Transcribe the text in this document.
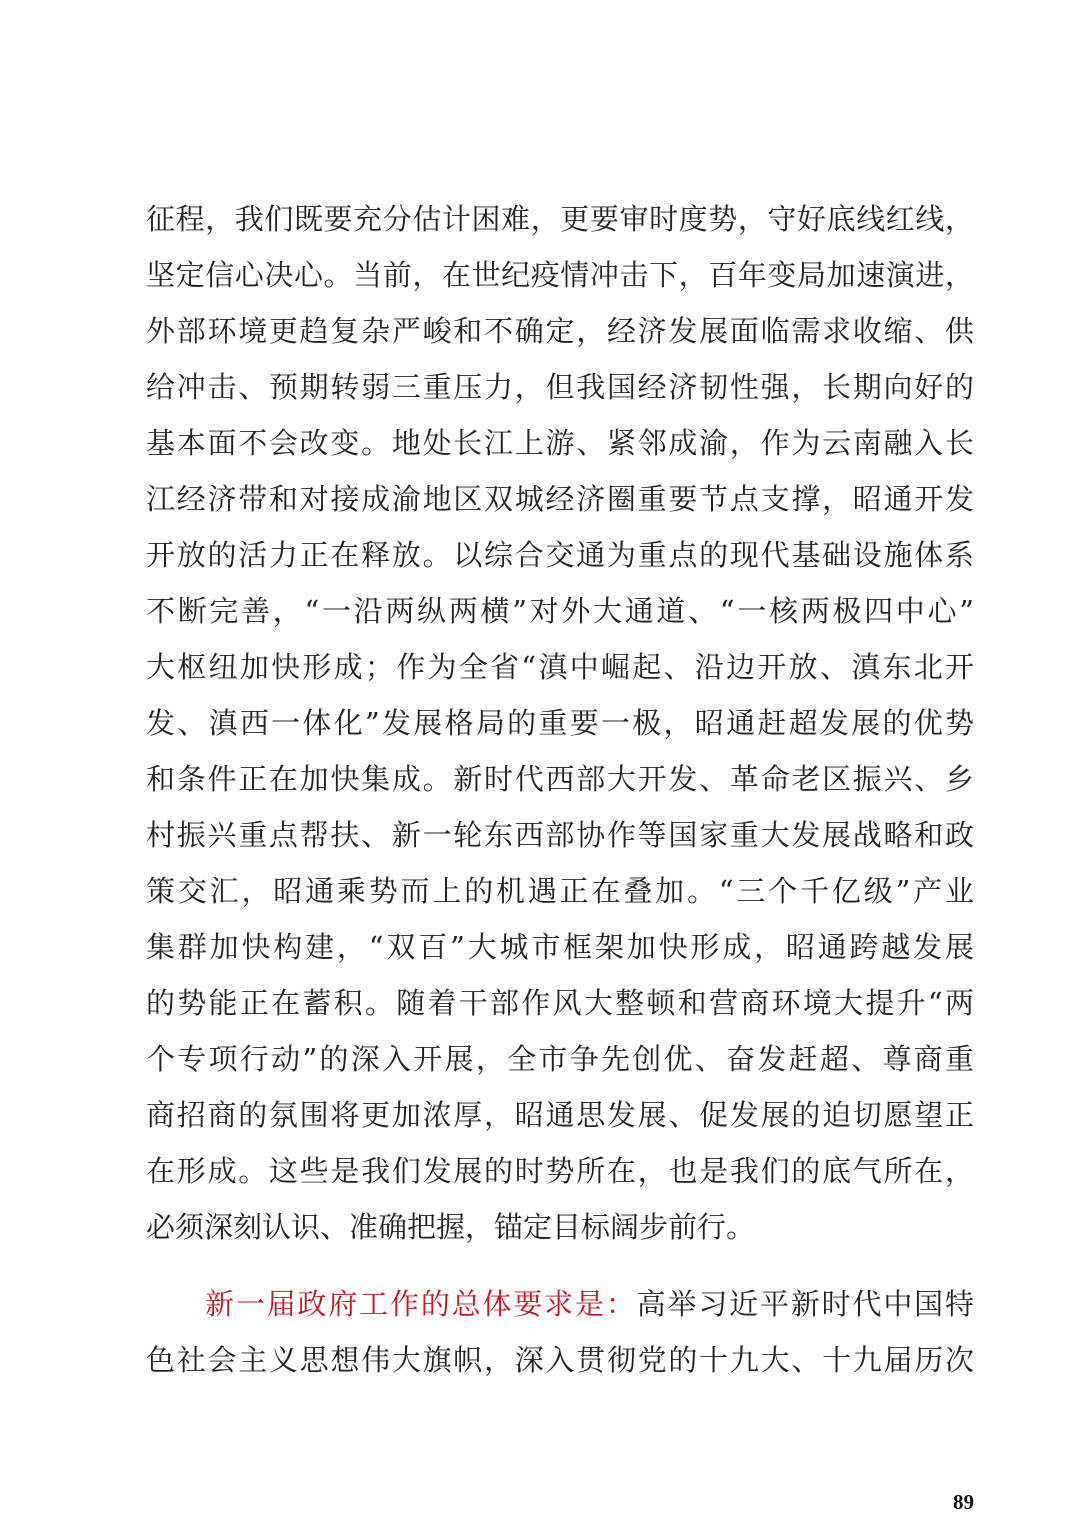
征程，我们既要充分估计困难，更要审时度势，守好底线红线，
坚定信心决心。当前，在世纪疫情冲击下，百年变局加速演进，
外部环境更趋复杂严峻和不确定，经济发展面临需求收缩、供
给冲击、预期转弱三重压力，但我国经济韧性强，长期向好的
基本面不会改变。地处长江上游、紧邻成渝，作为云南融入长
江经济带和对接成渝地区双城经济圈重要节点支撑，昭通开发
开放的活力正在释放。以综合交通为重点的现代基础设施体系
不断完善，“一沿两纵两横”对外大通道、“一核两极四中心”
大枢纽加快形成；作为全省“滇中崛起、沿边开放、滇东北开
发、滇西一体化”发展格局的重要一极，昭通赶超发展的优势
和条件正在加快集成。新时代西部大开发、革命老区振兴、乡
村振兴重点帮扶、新一轮东西部协作等国家重大发展战略和政
策交汇，昭通乘势而上的机遇正在叠加。“三个千亿级”产业
集群加快构建，“双百”大城市框架加快形成，昭通跨越发展
的势能正在蓄积。随着干部作风大整顿和营商环境大提升“两
个专项行动”的深入开展，全市争先创优、奋发赶超、尊商重
商招商的氛围将更加浓厚，昭通思发展、促发展的迫切愿望正
在形成。这些是我们发展的时势所在，也是我们的底气所在，
必须深刻认识、准确把握，锚定目标阔步前行。
新一届政府工作的总体要求是：高举习近平新时代中国特
色社会主义思想伟大旗帜，深入贯彻党的十九大、十九届历次
89
